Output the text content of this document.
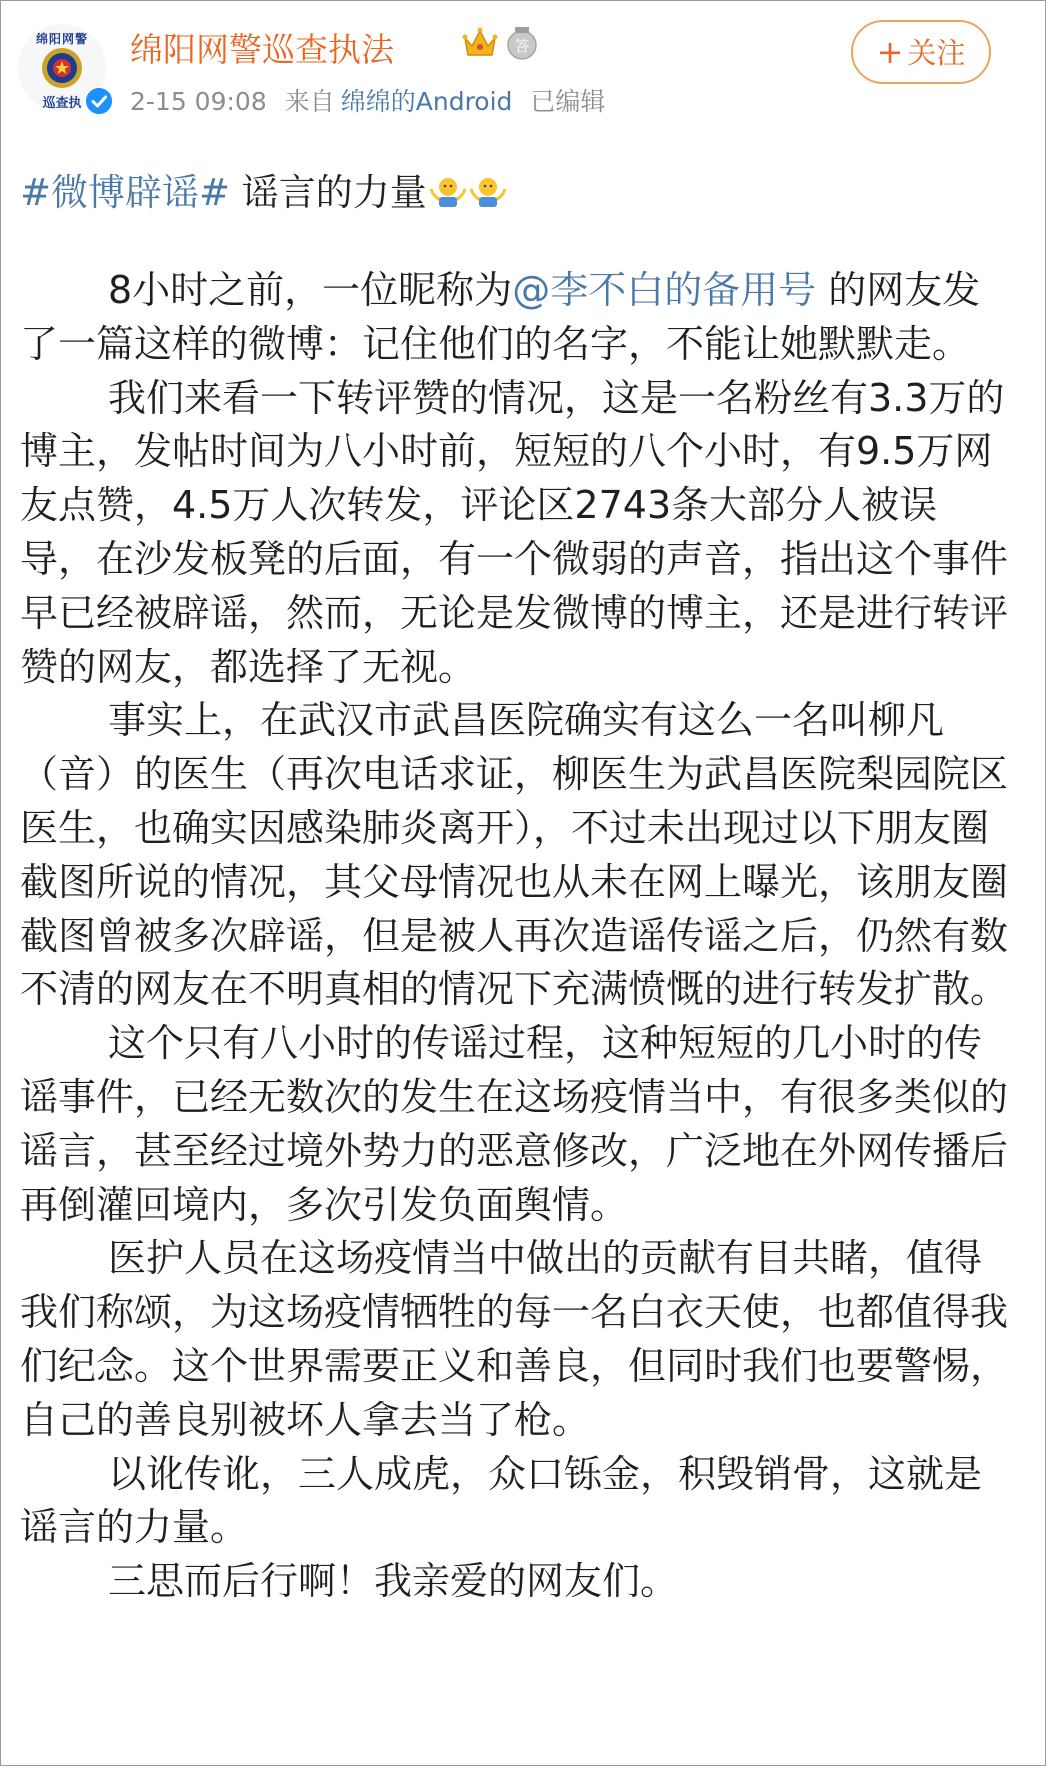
绵阳网警
巡查执
绵阳网警巡查执法	答
2-15 09:08 来自 绵绵的Android 已编辑
+ 关注
#微博辟谣# 谣言的力量

8小时之前，一位昵称为@李不白的备用号 的网友发了一篇这样的微博：记住他们的名字，不能让她默默走。

我们来看一下转评赞的情况，这是一名粉丝有3.3万的博主，发帖时间为八小时前，短短的八个小时，有9.5万网友点赞，4.5万人次转发，评论区2743条大部分人被误导，在沙发板凳的后面，有一个微弱的声音，指出这个事件早已经被辟谣，然而，无论是发微博的博主，还是进行转评赞的网友，都选择了无视。

事实上，在武汉市武昌医院确实有这么一名叫柳凡（音）的医生（再次电话求证，柳医生为武昌医院梨园院区医生，也确实因感染肺炎离开），不过未出现过以下朋友圈截图所说的情况，其父母情况也从未在网上曝光，该朋友圈截图曾被多次辟谣，但是被人再次造谣传谣之后，仍然有数不清的网友在不明真相的情况下充满愤慨的进行转发扩散。

这个只有八小时的传谣过程，这种短短的几小时的传谣事件，已经无数次的发生在这场疫情当中，有很多类似的谣言，甚至经过境外势力的恶意修改，广泛地在外网传播后再倒灌回境内，多次引发负面舆情。

医护人员在这场疫情当中做出的贡献有目共睹，值得我们称颂，为这场疫情牺牲的每一名白衣天使，也都值得我们纪念。这个世界需要正义和善良，但同时我们也要警惕，自己的善良别被坏人拿去当了枪。

以讹传讹，三人成虎，众口铄金，积毁销骨，这就是谣言的力量。

三思而后行啊！我亲爱的网友们。
